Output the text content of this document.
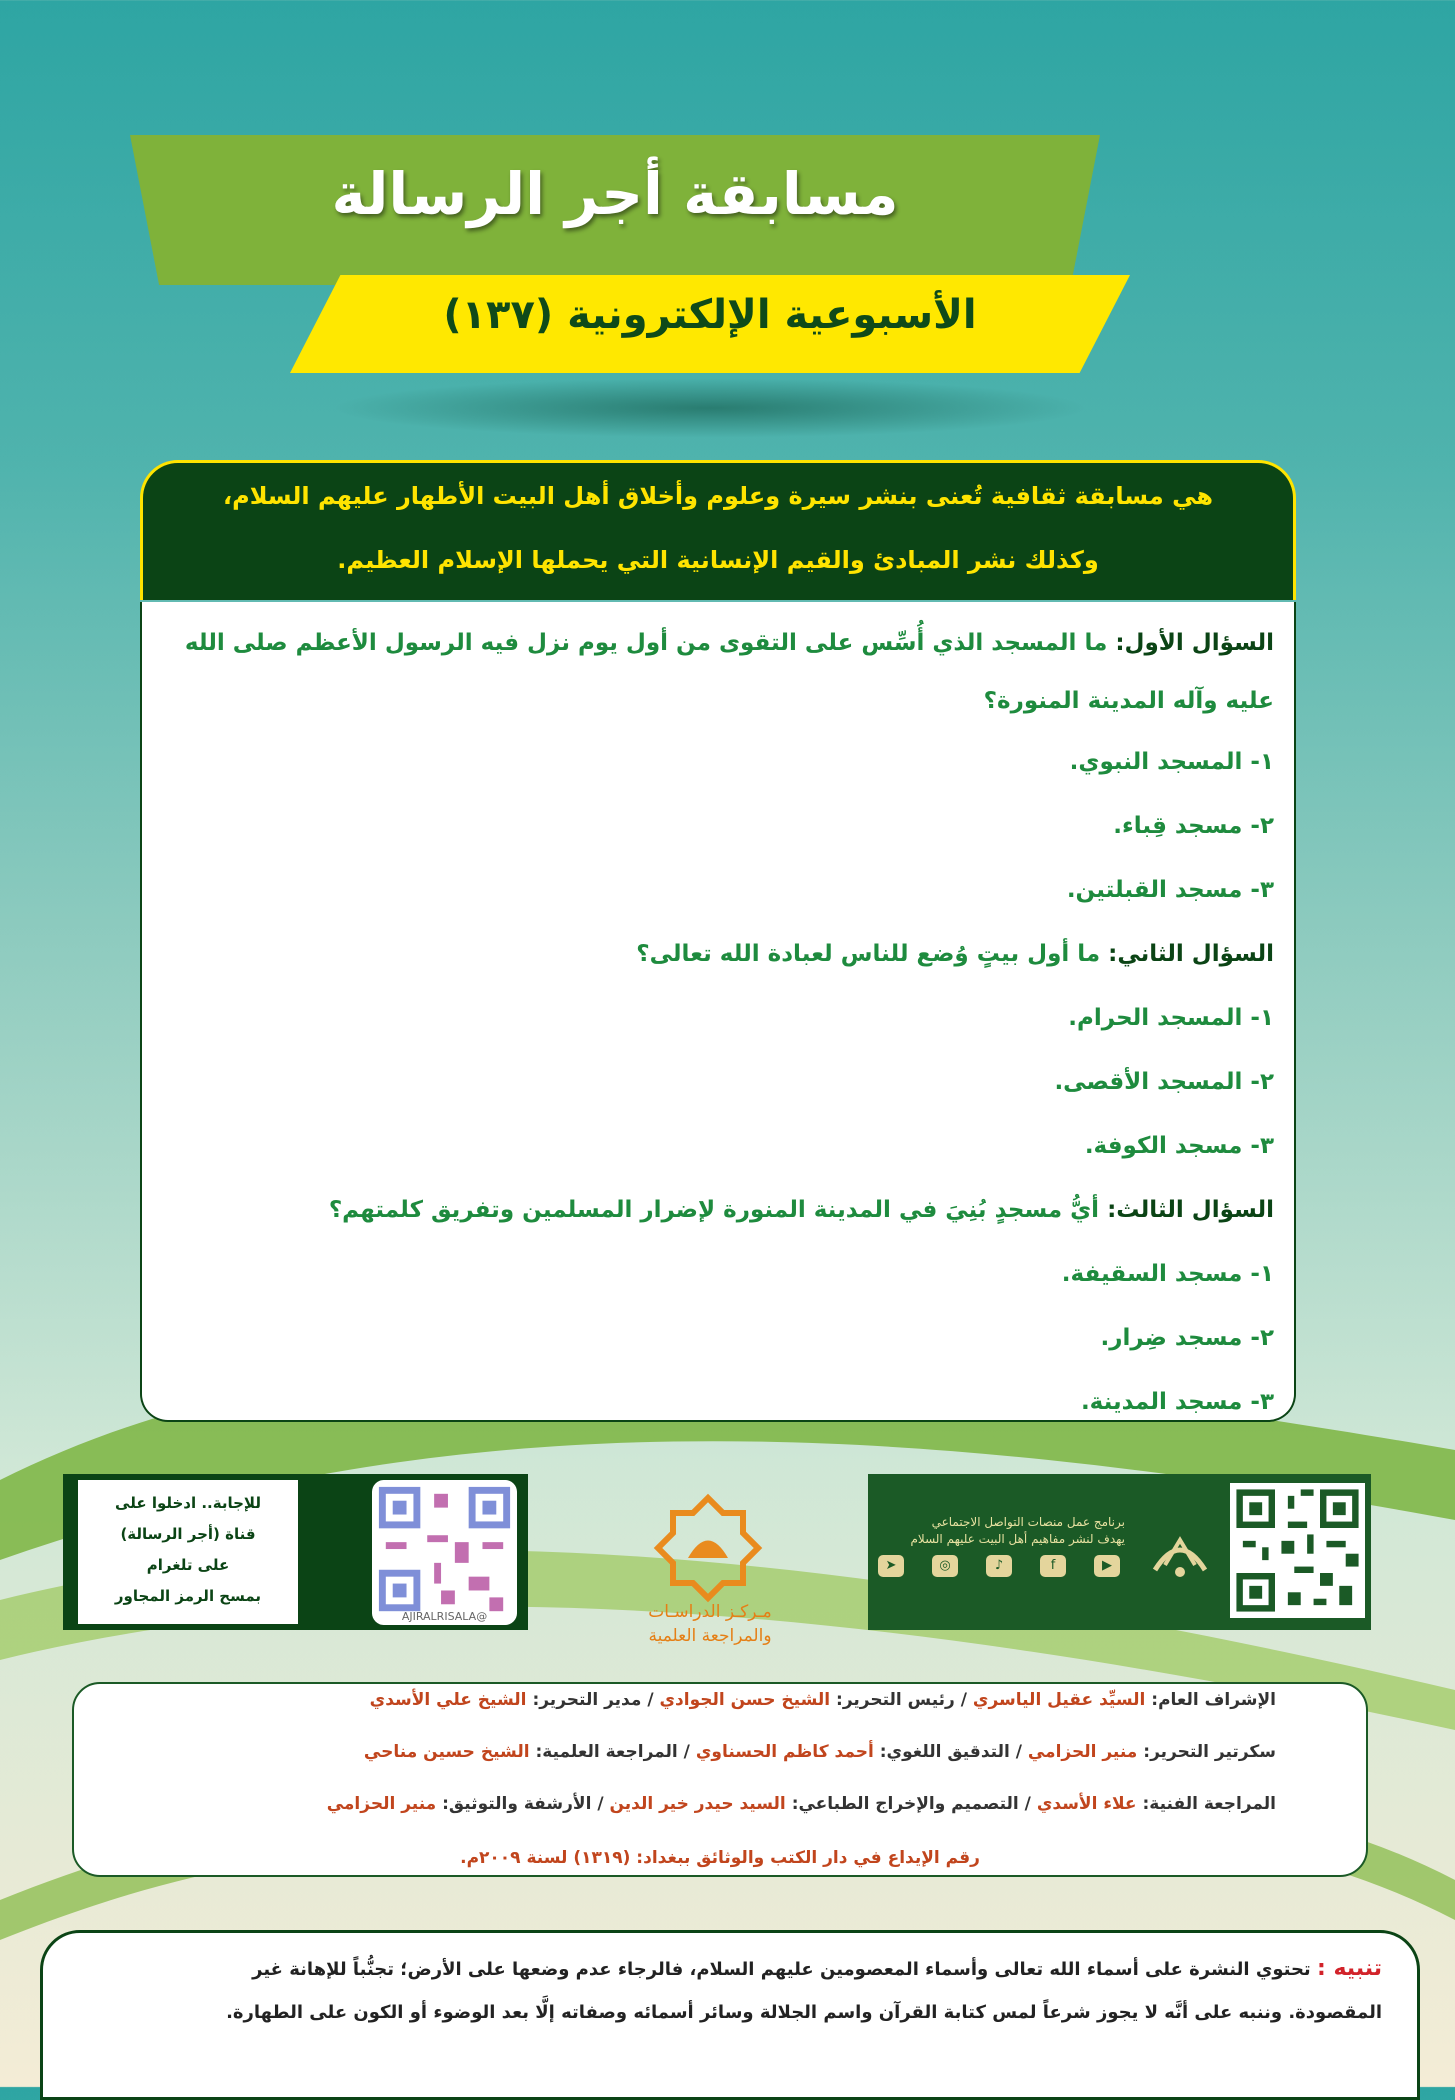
مسابقة أجر الرسالة
الأسبوعية الإلكترونية (١٣٧)
هي مسابقة ثقافية تُعنى بنشر سيرة وعلوم وأخلاق أهل البيت الأطهار عليهم السلام،
وكذلك نشر المبادئ والقيم الإنسانية التي يحملها الإسلام العظيم.

السؤال الأول: ما المسجد الذي أُسِّس على التقوى من أول يوم نزل فيه الرسول الأعظم صلى الله عليه وآله المدينة المنورة؟

١- المسجد النبوي.

٢- مسجد قِباء.

٣- مسجد القبلتين.

السؤال الثاني: ما أول بيتٍ وُضع للناس لعبادة الله تعالى؟

١- المسجد الحرام.

٢- المسجد الأقصى.

٣- مسجد الكوفة.

السؤال الثالث: أيُّ مسجدٍ بُنِيَ في المدينة المنورة لإضرار المسلمين وتفريق كلمتهم؟

١- مسجد السقيفة.

٢- مسجد ضِرار.

٣- مسجد المدينة.

برنامج عمل منصات التواصل الاجتماعي
يهدف لنشر مفاهيم أهل البيت عليهم السلام
▶
f
♪
◎
➤
مـركـز الدراسـات
والمراجعة العلمية
للإجابة.. ادخلوا على
قناة (أجر الرسالة)
على تلغرام
بمسح الرمز المجاور
@AJIRALRISALA
الإشراف العام: السيِّد عقيل الياسري / رئيس التحرير: الشيخ حسن الجوادي / مدير التحرير: الشيخ علي الأسدي
سكرتير التحرير: منير الحزامي / التدقيق اللغوي: أحمد كاظم الحسناوي / المراجعة العلمية: الشيخ حسين مناحي
المراجعة الفنية: علاء الأسدي / التصميم والإخراج الطباعي: السيد حيدر خير الدين / الأرشفة والتوثيق: منير الحزامي
رقم الإيداع في دار الكتب والوثائق ببغداد: (١٣١٩) لسنة ٢٠٠٩م.
تنبيه : تحتوي النشرة على أسماء الله تعالى وأسماء المعصومين عليهم السلام، فالرجاء عدم وضعها على الأرض؛ تجنُّباً للإهانة غير
المقصودة. وننبه على أنَّه لا يجوز شرعاً لمس كتابة القرآن واسم الجلالة وسائر أسمائه وصفاته إلَّا بعد الوضوء أو الكون على الطهارة.
